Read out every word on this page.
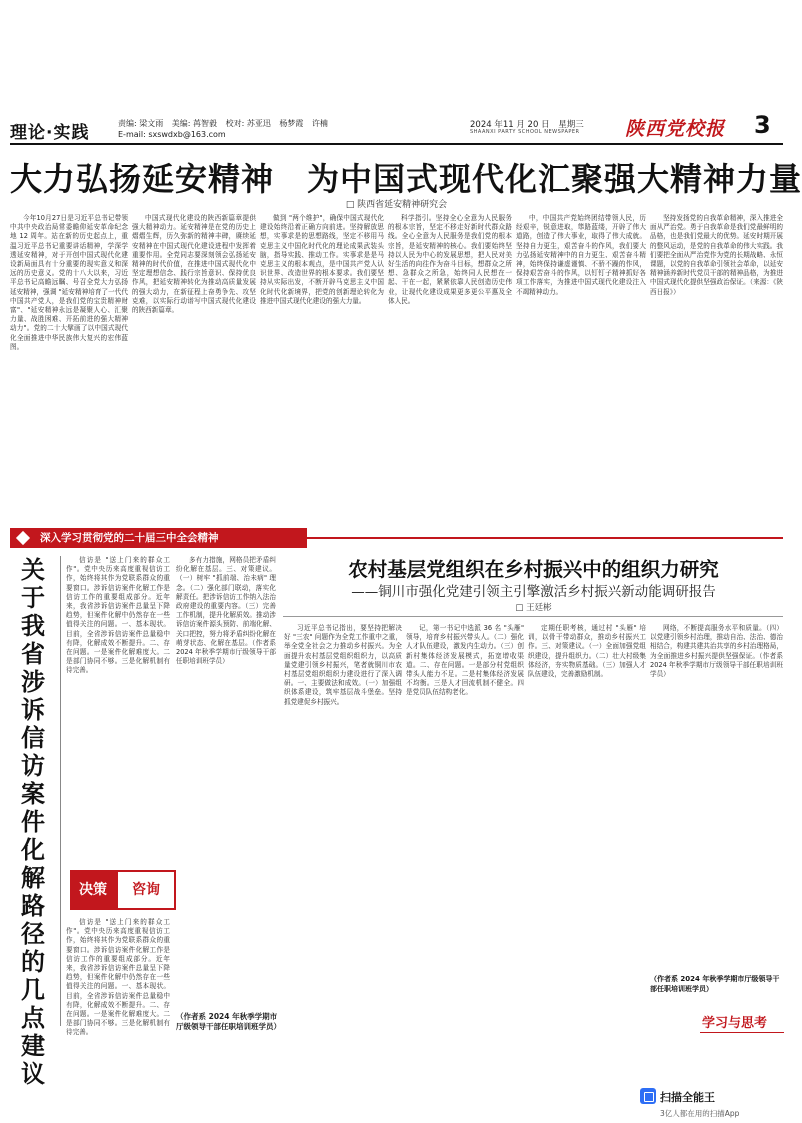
理论·实践	责编: 梁文雨 美编: 苒智毅 校对: 苏亚迅 杨梦霞 许楠
E-mail: sxswdxb@163.com
2024 年11 月 20 日 星期三
SHAANXI PARTY SCHOOL NEWSPAPER 陕西党校报 3
大力弘扬延安精神　为中国式现代化汇聚强大精神力量
□ 陕西省延安精神研究会

今年10月27日是习近平总书记带领中共中央政治局常委瞻仰延安革命纪念地 12 周年。站在新的历史起点上，重温习近平总书记重要讲话精神，学深学透延安精神，对于开创中国式现代化建设新局面具有十分重要的现实意义和深远的历史意义。党的十八大以来，习近平总书记高瞻远瞩、号召全党大力弘扬延安精神，强调 "延安精神培育了一代代中国共产党人，是我们党的宝贵精神财富"、"延安精神永远是凝聚人心、汇聚力量、战胜困难、开拓前进的强大精神动力"。党的二十大擘画了以中国式现代化全面推进中华民族伟大复兴的宏伟蓝图。

中国式现代化建设的陕西新篇章提供强大精神动力。延安精神是在党的历史上熠熠生辉，历久弥新的精神丰碑，赓续延安精神在中国式现代化建设进程中发挥着重要作用。全党同志要深刻领会弘扬延安精神的时代价值，在推进中国式现代化中坚定理想信念、践行宗旨意识、保持优良作风，把延安精神转化为推动高质量发展的强大动力，在新征程上奋勇争先、攻坚克难，以实际行动谱写中国式现代化建设的陕西新篇章。

做到 "两个维护"，确保中国式现代化建设始终沿着正确方向前进。坚持解放思想，实事求是的思想路线，坚定不移用马克思主义中国化时代化的理论成果武装头脑，指导实践、推动工作。实事求是是马克思主义的根本观点，是中国共产党人认识世界、改造世界的根本要求。我们要坚持从实际出发，不断开辟马克思主义中国化时代化新境界，把党的创新理论转化为推进中国式现代化建设的强大力量。

科学指引。坚持全心全意为人民服务的根本宗旨，坚定不移走好新时代群众路线。全心全意为人民服务是我们党的根本宗旨，是延安精神的核心。我们要始终坚持以人民为中心的发展思想，把人民对美好生活的向往作为奋斗目标，想群众之所想、急群众之所急，始终同人民想在一起、干在一起，紧紧依靠人民创造历史伟业，让现代化建设成果更多更公平惠及全体人民。

中，中国共产党始终团结带领人民，历经艰辛，锐意进取，筚路蓝缕，开辟了伟大道路，创造了伟大事业，取得了伟大成就。坚持自力更生，艰苦奋斗的作风，我们要大力弘扬延安精神中的自力更生、艰苦奋斗精神，始终保持谦虚谨慎、不骄不躁的作风，保持艰苦奋斗的作风，以钉钉子精神抓好各项工作落实，为推进中国式现代化建设注入不竭精神动力。

坚持发扬党的自我革命精神，深入推进全面从严治党。勇于自我革命是我们党最鲜明的品格，也是我们党最大的优势。延安时期开展的整风运动，是党的自我革命的伟大实践。我们要把全面从严治党作为党的长期战略、永恒课题，以党的自我革命引领社会革命，以延安精神涵养新时代党员干部的精神品格，为推进中国式现代化提供坚强政治保证。（来源：《陕西日报》）

深入学习贯彻党的二十届三中全会精神
关于我省涉诉信访案件化解路径的几点建议

信访是 "送上门来的群众工作"。党中央历来高度重视信访工作，始终将其作为党联系群众的重要窗口。涉诉信访案件化解工作是信访工作的重要组成部分。近年来，我省涉诉信访案件总量呈下降趋势，但案件化解中仍然存在一些值得关注的问题。一、基本现状。目前，全省涉诉信访案件总量稳中有降，化解成效不断提升。二、存在问题。一是案件化解难度大。二是部门协同不够。三是化解机制有待完善。

多有力措施，网格员把矛盾纠纷化解在基层。三、对策建议。（一）树牢 "抓前端、治未病" 理念。（二）强化部门联动，落实化解责任。把涉诉信访工作纳入法治政府建设的重要内容。（三）完善工作机制，提升化解质效。推动涉诉信访案件源头预防、前端化解、关口把控，努力将矛盾纠纷化解在萌芽状态、化解在基层。（作者系 2024 年秋季学期市厅级领导干部任职培训班学员）

决策	咨询

信访是 "送上门来的群众工作"。党中央历来高度重视信访工作，始终将其作为党联系群众的重要窗口。涉诉信访案件化解工作是信访工作的重要组成部分。近年来，我省涉诉信访案件总量呈下降趋势，但案件化解中仍然存在一些值得关注的问题。一、基本现状。目前，全省涉诉信访案件总量稳中有降，化解成效不断提升。二、存在问题。一是案件化解难度大。二是部门协同不够。三是化解机制有待完善。

（作者系 2024 年秋季学期市厅级领导干部任职培训班学员）
农村基层党组织在乡村振兴中的组织力研究
——铜川市强化党建引领主引擎激活乡村振兴新动能调研报告
□ 王廷彬

习近平总书记指出，要坚持把解决好 "三农" 问题作为全党工作重中之重，举全党全社会之力推动乡村振兴。为全面提升农村基层党组织组织力，以高质量党建引领乡村振兴，笔者就铜川市农村基层党组织组织力建设进行了深入调研。一、主要做法和成效。（一）加强组织体系建设，筑牢基层战斗堡垒。坚持抓党建促乡村振兴。

记，第一书记中选派 36 名 "头雁" 领导，培育乡村振兴带头人。（二）强化人才队伍建设，激发内生动力。（三）创新村集体经济发展模式，拓宽增收渠道。二、存在问题。一是部分村党组织带头人能力不足。二是村集体经济发展不均衡。三是人才回流机制不健全。四是党员队伍结构老化。

定期任职考核，通过村 "头雁" 培训，以骨干带动群众，推动乡村振兴工作。三、对策建议。（一）全面加强党组织建设，提升组织力。（二）壮大村级集体经济，夯实物质基础。（三）加强人才队伍建设，完善激励机制。

网络，不断提高服务水平和质量。（四）以党建引领乡村治理，推动自治、法治、德治相结合，构建共建共治共享的乡村治理格局，为全面推进乡村振兴提供坚强保证。（作者系 2024 年秋季学期市厅级领导干部任职培训班学员）

（作者系 2024 年秋季学期市厅级领导干部任职培训班学员）
学习与思考
扫描全能王
3亿人都在用的扫描App
